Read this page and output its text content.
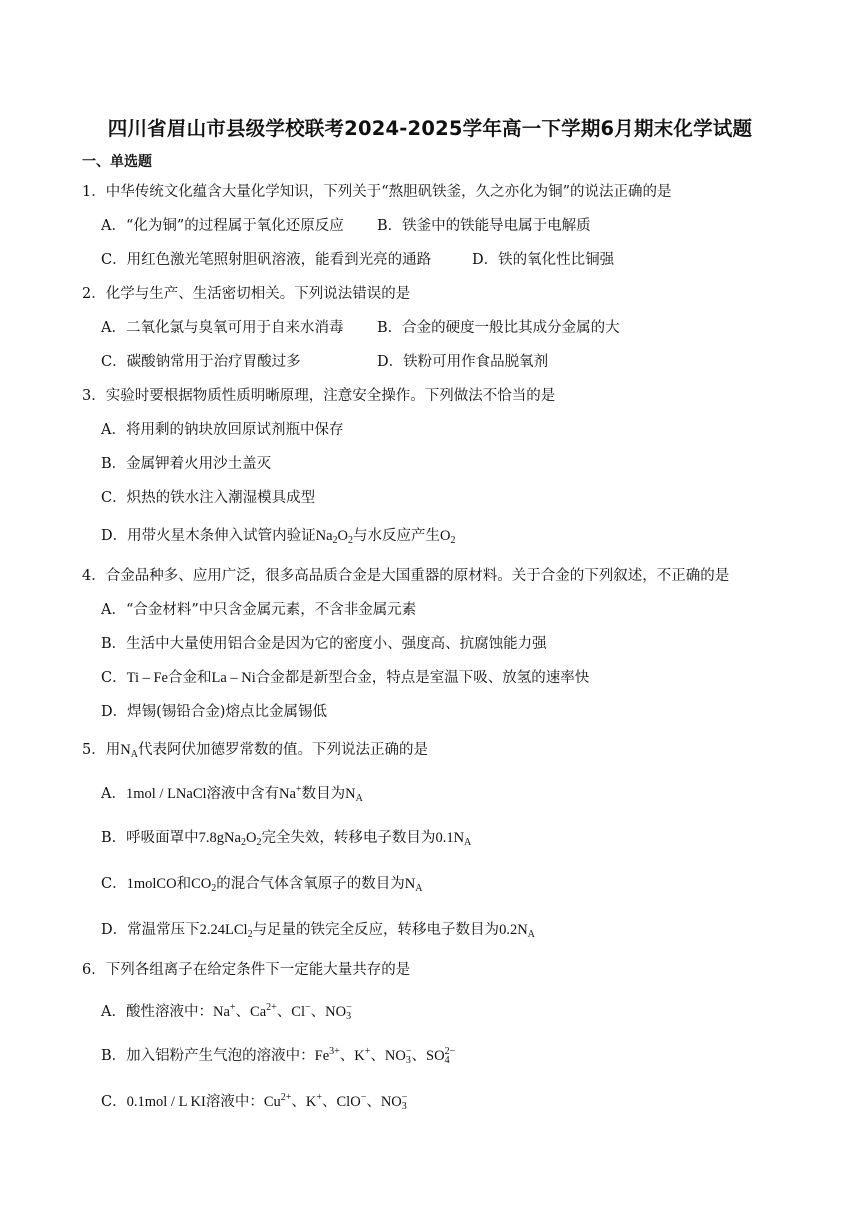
四川省眉山市县级学校联考2024-2025学年高一下学期6月期末化学试题
一、单选题
1．中华传统文化蕴含大量化学知识，下列关于“熬胆矾铁釜，久之亦化为铜”的说法正确的是
A．“化为铜”的过程属于氧化还原反应 B．铁釜中的铁能导电属于电解质
C．用红色激光笔照射胆矾溶液，能看到光亮的通路	D．铁的氧化性比铜强
2．化学与生产、生活密切相关。下列说法错误的是
A．二氧化氯与臭氧可用于自来水消毒 B．合金的硬度一般比其成分金属的大
C．碳酸钠常用于治疗胃酸过多	D．铁粉可用作食品脱氧剂
3．实验时要根据物质性质明晰原理，注意安全操作。下列做法不恰当的是
A．将用剩的钠块放回原试剂瓶中保存
B．金属钾着火用沙土盖灭
C．炽热的铁水注入潮湿模具成型
D．用带火星木条伸入试管内验证$Na_2O_2$与水反应产生$O_2$
4．合金品种多、应用广泛，很多高品质合金是大国重器的原材料。关于合金的下列叙述，不正确的是
A．“合金材料”中只含金属元素，不含非金属元素
B．生活中大量使用铝合金是因为它的密度小、强度高、抗腐蚀能力强
C．Ti – Fe合金和La – Ni合金都是新型合金，特点是室温下吸、放氢的速率快
D．焊锡(锡铅合金)熔点比金属锡低
5．用$N_A$代表阿伏加德罗常数的值。下列说法正确的是
A．1mol / LNaCl溶液中含有Na+数目为$N_A$
B．呼吸面罩中$7.8gNa_2O_2$完全失效，转移电子数目为$0.1N_A$
C．1molCO和$CO_2$的混合气体含氧原子的数目为$N_A$
D．常温常压下2.24LCl$_2$与足量的铁完全反应，转移电子数目为$0.2N_A$
6．下列各组离子在给定条件下一定能大量共存的是
A．酸性溶液中：Na+、$Ca^{2+}$、Cl−、$NO_3^-$
B．加入铝粉产生气泡的溶液中：$Fe^{3+}$、K+、$NO_3^-$、$SO_4^{2-}$
C．0.1mol / L KI溶液中：$Cu^{2+}$、K+、ClO−、$NO_3^-$
